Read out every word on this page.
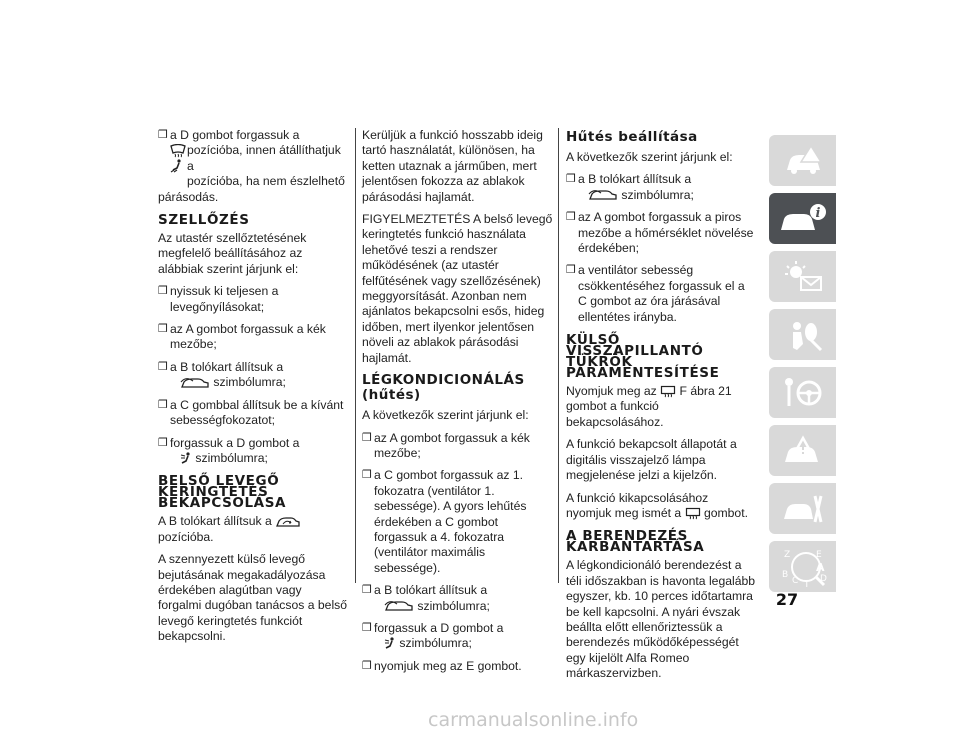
❒ a D gombot forgassuk a
pozícióba, innen átállíthatjuk a
pozícióba, ha nem észlelhető

párásodás.

SZELLŐZÉS

Az utastér szellőztetésének megfelelő beállításához az alábbiak szerint járjunk el:

❒ nyissuk ki teljesen a levegőnyílásokat;
❒ az A gombot forgassuk a kék mezőbe;
❒ a B tolókart állítsuk a
szimbólumra;
❒ a C gombbal állítsuk be a kívánt sebességfokozatot;
❒ forgassuk a D gombot a
szimbólumra;
BELSŐ LEVEGŐ
KERINGTETÉS
BEKAPCSOLÁSA

A B tolókart állítsuk a  pozícióba.

A szennyezett külső levegő bejutásának megakadályozása érdekében alagútban vagy forgalmi dugóban tanácsos a belső levegő keringtetés funkciót bekapcsolni.

Kerüljük a funkció hosszabb ideig tartó használatát, különösen, ha ketten utaznak a járműben, mert jelentősen fokozza az ablakok párásodási hajlamát.

FIGYELMEZTETÉS A belső levegő keringtetés funkció használata lehetővé teszi a rendszer működésének (az utastér felfűtésének vagy szellőzésének) meggyorsítását. Azonban nem ajánlatos bekapcsolni esős, hideg időben, mert ilyenkor jelentősen növeli az ablakok párásodási hajlamát.

LÉGKONDICIONÁLÁS (hűtés)

A következők szerint járjunk el:

❒ az A gombot forgassuk a kék mezőbe;
❒ a C gombot forgassuk az 1. fokozatra (ventilátor 1. sebessége). A gyors lehűtés érdekében a C gombot forgassuk a 4. fokozatra (ventilátor maximális sebessége).
❒ a B tolókart állítsuk a
szimbólumra;
❒ forgassuk a D gombot a
szimbólumra;
❒ nyomjuk meg az E gombot.
Hűtés beállítása

A következők szerint járjunk el:

❒ a B tolókart állítsuk a
szimbólumra;
❒ az A gombot forgassuk a piros mezőbe a hőmérséklet növelése érdekében;
❒ a ventilátor sebesség csökkentéséhez forgassuk el a C gombot az óra járásával ellentétes irányba.
KÜLSŐ VISSZAPILLANTÓ
TÜKRÖK
PÁRAMENTESÍTÉSE

Nyomjuk meg az F ábra 21 gombot a funkció bekapcsolásához.

A funkció bekapcsolt állapotát a digitális visszajelző lámpa megjelenése jelzi a kijelzőn.

A funkció kikapcsolásához nyomjuk meg ismét a gombot.

A BERENDEZÉS
KARBANTARTÁSA

A légkondicionáló berendezést a téli időszakban is havonta legalább egyszer, kb. 10 perces időtartamra be kell kapcsolni. A nyári évszak beállta előtt ellenőriztessük a berendezés működőképességét egy kijelölt Alfa Romeo márkaszervizben.

i
Z	E
A
B
C T
D
27
carmanualsonline.info
